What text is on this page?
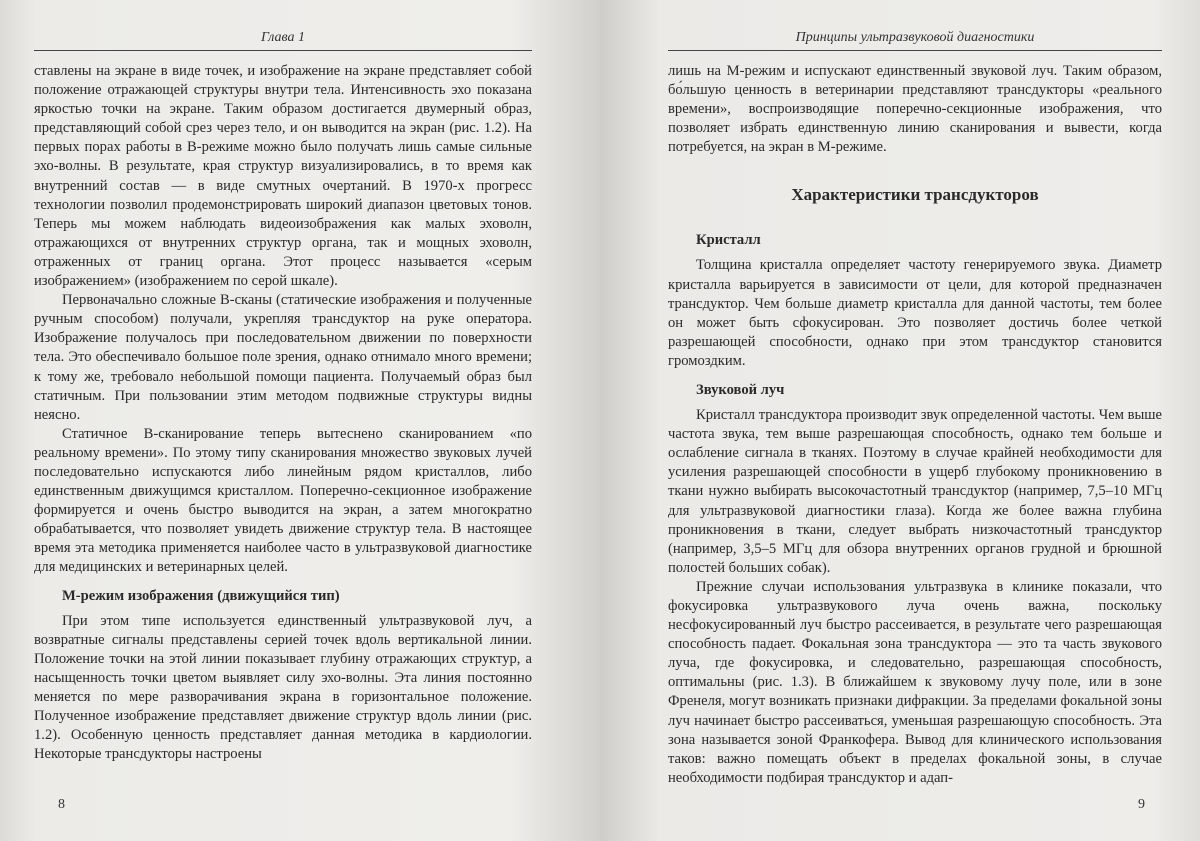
Глава 1

ставлены на экране в виде точек, и изображение на экране представляет собой положение отражающей структуры внутри тела. Интенсивность эхо показана яркостью точки на экране. Таким образом достигается двумерный образ, представляющий собой срез через тело, и он выводится на экран (рис. 1.2). На первых порах работы в В-режиме можно было получать лишь самые сильные эхо-волны. В результате, края структур визуализировались, в то время как внутренний состав — в виде смутных очертаний. В 1970-х прогресс технологии позволил продемонстрировать широкий диапазон цветовых тонов. Теперь мы можем наблюдать видеоизображения как малых эховолн, отражающихся от внутренних структур органа, так и мощных эховолн, отраженных от границ органа. Этот процесс называется «серым изображением» (изображением по серой шкале).

Первоначально сложные В-сканы (статические изображения и полученные ручным способом) получали, укрепляя трансдуктор на руке оператора. Изображение получалось при последовательном движении по поверхности тела. Это обеспечивало большое поле зрения, однако отнимало много времени; к тому же, требовало небольшой помощи пациента. Получаемый образ был статичным. При пользовании этим методом подвижные структуры видны неясно.

Статичное В-сканирование теперь вытеснено сканированием «по реальному времени». По этому типу сканирования множество звуковых лучей последовательно испускаются либо линейным рядом кристаллов, либо единственным движущимся кристаллом. Поперечно-секционное изображение формируется и очень быстро выводится на экран, а затем многократно обрабатывается, что позволяет увидеть движение структур тела. В настоящее время эта методика применяется наиболее часто в ультразвуковой диагностике для медицинских и ветеринарных целей.

М-режим изображения (движущийся тип)

При этом типе используется единственный ультразвуковой луч, а возвратные сигналы представлены серией точек вдоль вертикальной линии. Положение точки на этой линии показывает глубину отражающих структур, а насыщенность точки цветом выявляет силу эхо-волны. Эта линия постоянно меняется по мере разворачивания экрана в горизонтальное положение. Полученное изображение представляет движение структур вдоль линии (рис. 1.2). Особенную ценность представляет данная методика в кардиологии. Некоторые трансдукторы настроены

8
Принципы ультразвуковой диагностики

лишь на М-режим и испускают единственный звуковой луч. Таким образом, бо́льшую ценность в ветеринарии представляют трансдукторы «реального времени», воспроизводящие поперечно-секционные изображения, что позволяет избрать единственную линию сканирования и вывести, когда потребуется, на экран в М-режиме.

Характеристики трансдукторов
Кристалл

Толщина кристалла определяет частоту генерируемого звука. Диаметр кристалла варьируется в зависимости от цели, для которой предназначен трансдуктор. Чем больше диаметр кристалла для данной частоты, тем более он может быть сфокусирован. Это позволяет достичь более четкой разрешающей способности, однако при этом трансдуктор становится громоздким.

Звуковой луч

Кристалл трансдуктора производит звук определенной частоты. Чем выше частота звука, тем выше разрешающая способность, однако тем больше и ослабление сигнала в тканях. Поэтому в случае крайней необходимости для усиления разрешающей способности в ущерб глубокому проникновению в ткани нужно выбирать высокочастотный трансдуктор (например, 7,5–10 МГц для ультразвуковой диагностики глаза). Когда же более важна глубина проникновения в ткани, следует выбрать низкочастотный трансдуктор (например, 3,5–5 МГц для обзора внутренних органов грудной и брюшной полостей больших собак).

Прежние случаи использования ультразвука в клинике показали, что фокусировка ультразвукового луча очень важна, поскольку несфокусированный луч быстро рассеивается, в результате чего разрешающая способность падает. Фокальная зона трансдуктора — это та часть звукового луча, где фокусировка, и следовательно, разрешающая способность, оптимальны (рис. 1.3). В ближайшем к звуковому лучу поле, или в зоне Френеля, могут возникать признаки дифракции. За пределами фокальной зоны луч начинает быстро рассеиваться, уменьшая разрешающую способность. Эта зона называется зоной Франкофера. Вывод для клинического использования таков: важно помещать объект в пределах фокальной зоны, в случае необходимости подбирая трансдуктор и адап-

9
